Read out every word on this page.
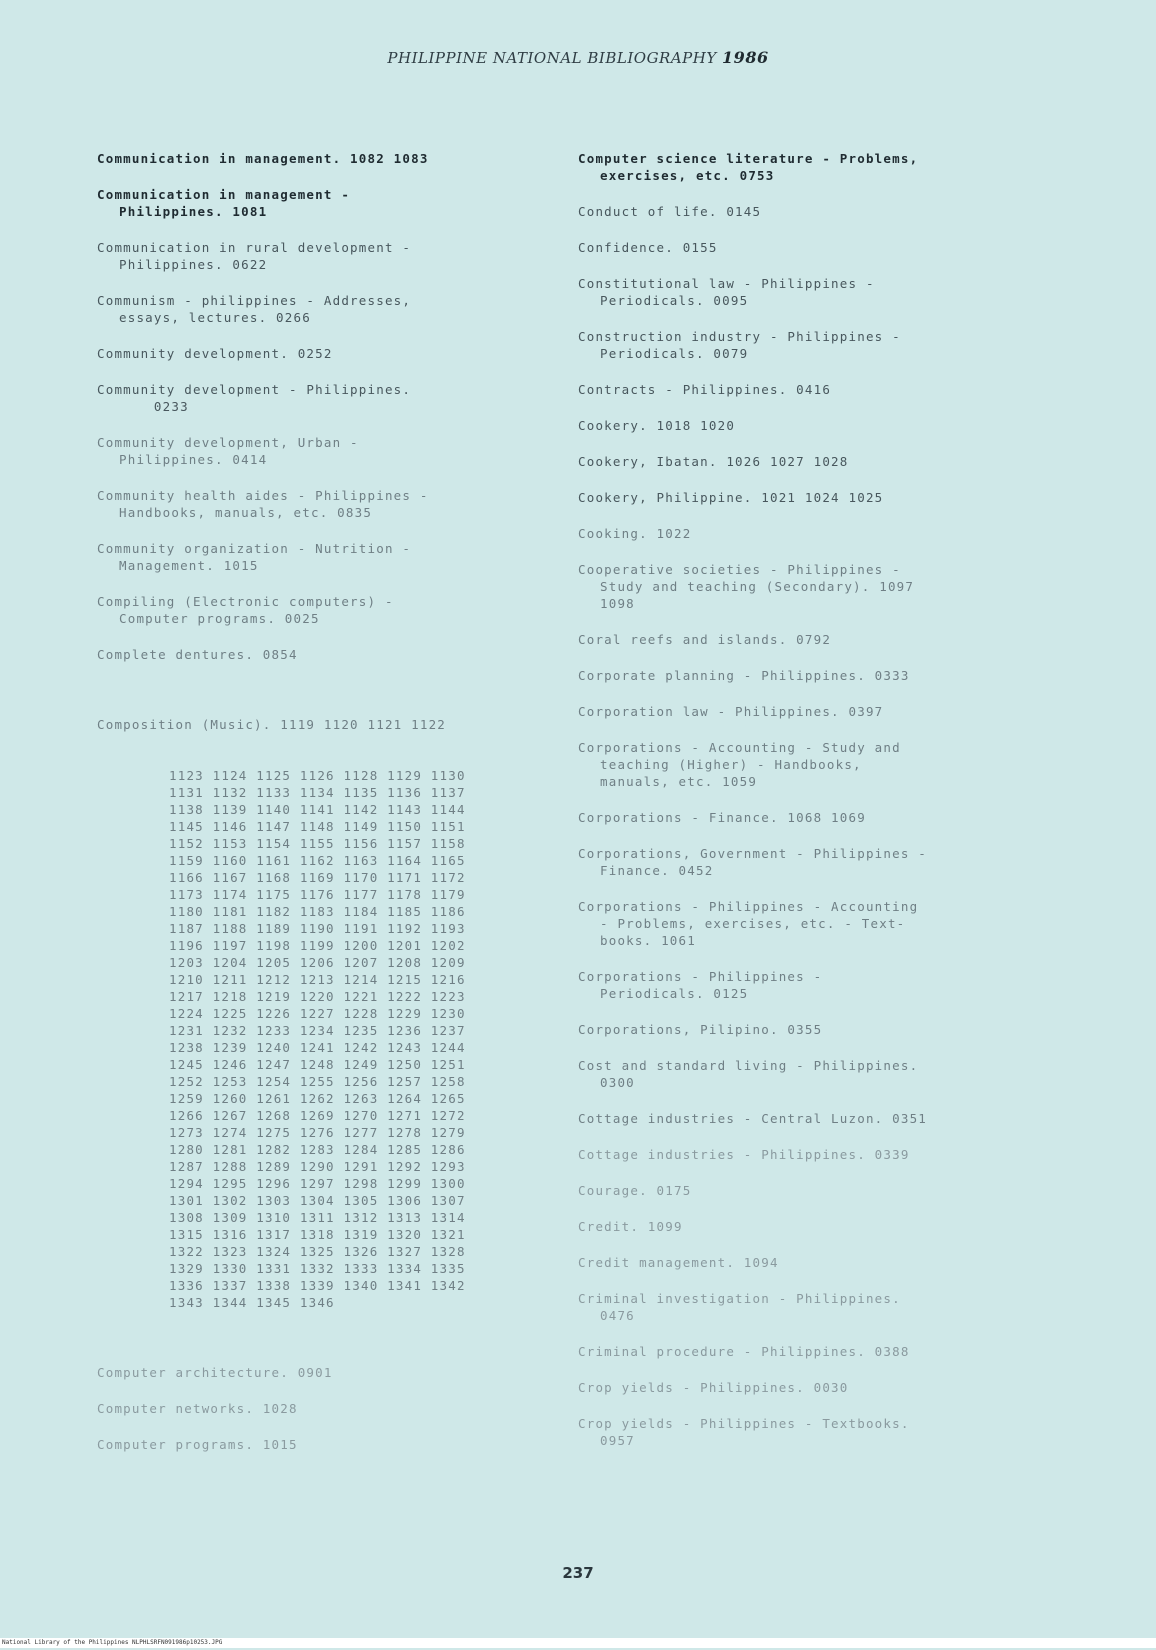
PHILIPPINE NATIONAL BIBLIOGRAPHY 1986
Communication in management. 1082 1083
Communication in management -
Philippines. 1081
Communication in rural development -
Philippines. 0622
Communism - philippines - Addresses,
essays, lectures. 0266
Community development. 0252
Community development - Philippines.
0233
Community development, Urban -
Philippines. 0414
Community health aides - Philippines -
Handbooks, manuals, etc. 0835
Community organization - Nutrition -
Management. 1015
Compiling (Electronic computers) -
Computer programs. 0025
Complete dentures. 0854

Composition (Music). 1119 1120 1121 1122

1123 1124 1125 1126 1128 1129 1130
1131 1132 1133 1134 1135 1136 1137
1138 1139 1140 1141 1142 1143 1144
1145 1146 1147 1148 1149 1150 1151
1152 1153 1154 1155 1156 1157 1158
1159 1160 1161 1162 1163 1164 1165
1166 1167 1168 1169 1170 1171 1172
1173 1174 1175 1176 1177 1178 1179
1180 1181 1182 1183 1184 1185 1186
1187 1188 1189 1190 1191 1192 1193
1196 1197 1198 1199 1200 1201 1202
1203 1204 1205 1206 1207 1208 1209
1210 1211 1212 1213 1214 1215 1216
1217 1218 1219 1220 1221 1222 1223
1224 1225 1226 1227 1228 1229 1230
1231 1232 1233 1234 1235 1236 1237
1238 1239 1240 1241 1242 1243 1244
1245 1246 1247 1248 1249 1250 1251
1252 1253 1254 1255 1256 1257 1258
1259 1260 1261 1262 1263 1264 1265
1266 1267 1268 1269 1270 1271 1272
1273 1274 1275 1276 1277 1278 1279
1280 1281 1282 1283 1284 1285 1286
1287 1288 1289 1290 1291 1292 1293
1294 1295 1296 1297 1298 1299 1300
1301 1302 1303 1304 1305 1306 1307
1308 1309 1310 1311 1312 1313 1314
1315 1316 1317 1318 1319 1320 1321
1322 1323 1324 1325 1326 1327 1328
1329 1330 1331 1332 1333 1334 1335
1336 1337 1338 1339 1340 1341 1342
1343 1344 1345 1346

Computer architecture. 0901
Computer networks. 1028
Computer programs. 1015
Computer science literature - Problems,
exercises, etc. 0753
Conduct of life. 0145
Confidence. 0155
Constitutional law - Philippines -
Periodicals. 0095
Construction industry - Philippines -
Periodicals. 0079
Contracts - Philippines. 0416
Cookery. 1018 1020
Cookery, Ibatan. 1026 1027 1028
Cookery, Philippine. 1021 1024 1025
Cooking. 1022
Cooperative societies - Philippines -
Study and teaching (Secondary). 1097
1098
Coral reefs and islands. 0792
Corporate planning - Philippines. 0333
Corporation law - Philippines. 0397
Corporations - Accounting - Study and
teaching (Higher) - Handbooks,
manuals, etc. 1059
Corporations - Finance. 1068 1069
Corporations, Government - Philippines -
Finance. 0452
Corporations - Philippines - Accounting
- Problems, exercises, etc. - Text-
books. 1061
Corporations - Philippines -
Periodicals. 0125
Corporations, Pilipino. 0355
Cost and standard living - Philippines.
0300
Cottage industries - Central Luzon. 0351
Cottage industries - Philippines. 0339
Courage. 0175
Credit. 1099
Credit management. 1094
Criminal investigation - Philippines.
0476
Criminal procedure - Philippines. 0388
Crop yields - Philippines. 0030
Crop yields - Philippines - Textbooks.
0957
237
National Library of the Philippines NLPHLSRFN091986p10253.JPG
